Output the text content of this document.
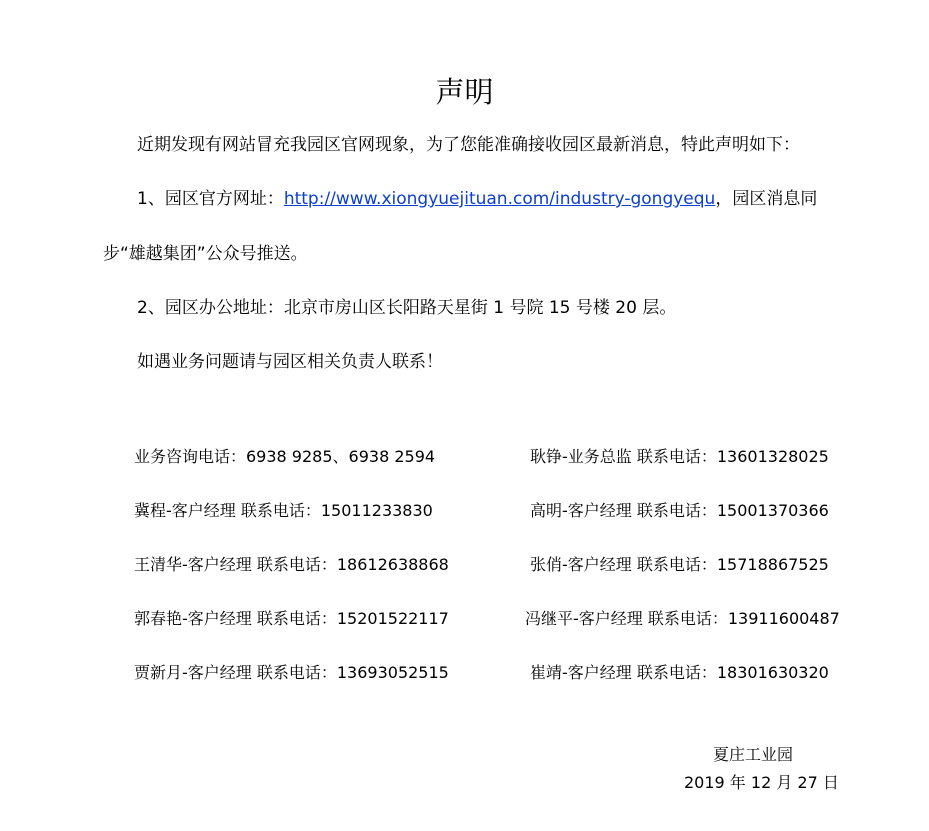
声明
近期发现有网站冒充我园区官网现象，为了您能准确接收园区最新消息，特此声明如下：
1、园区官方网址：http://www.xiongyuejituan.com/industry-gongyequ，园区消息同
步“雄越集团”公众号推送。
2、园区办公地址：北京市房山区长阳路天星街 1 号院 15 号楼 20 层。
如遇业务问题请与园区相关负责人联系！
业务咨询电话：6938 9285、6938 2594	耿铮-业务总监 联系电话：13601328025
冀程-客户经理 联系电话：15011233830	高明-客户经理 联系电话：15001370366
王清华-客户经理 联系电话：18612638868	张俏-客户经理 联系电话：15718867525
郭春艳-客户经理 联系电话：15201522117	冯继平-客户经理 联系电话：13911600487
贾新月-客户经理 联系电话：13693052515	崔靖-客户经理 联系电话：18301630320
夏庄工业园
2019 年 12 月 27 日
